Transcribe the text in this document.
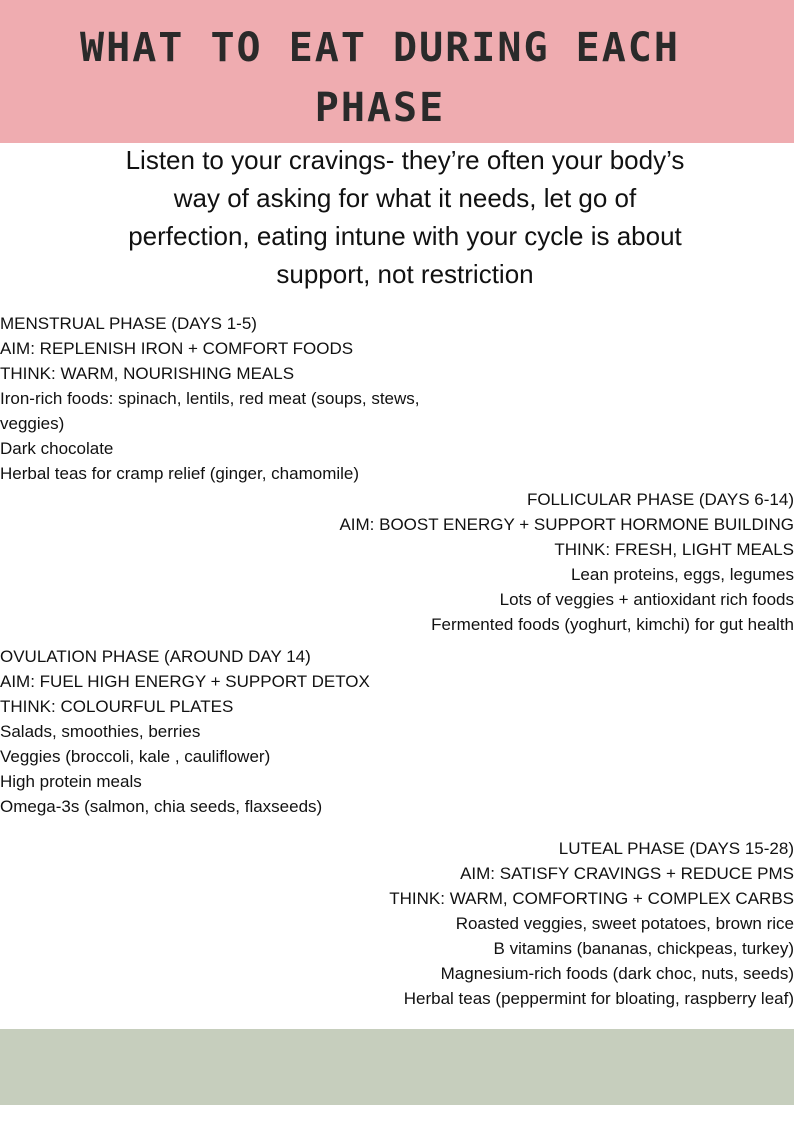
WHAT TO EAT DURING EACH PHASE

Listen to your cravings- they’re often your body’s way of asking for what it needs, let go of perfection, eating intune with your cycle is about support, not restriction

MENSTRUAL PHASE (DAYS 1-5)
AIM: REPLENISH IRON + COMFORT FOODS
THINK: WARM, NOURISHING MEALS
Iron-rich foods: spinach, lentils, red meat (soups, stews, veggies)
Dark chocolate
Herbal teas for cramp relief (ginger, chamomile)
FOLLICULAR PHASE (DAYS 6-14)
AIM: BOOST ENERGY + SUPPORT HORMONE BUILDING
THINK: FRESH, LIGHT MEALS
Lean proteins, eggs, legumes
Lots of veggies + antioxidant rich foods
Fermented foods (yoghurt, kimchi) for gut health
OVULATION PHASE (AROUND DAY 14)
AIM: FUEL HIGH ENERGY + SUPPORT DETOX
THINK: COLOURFUL PLATES
Salads, smoothies, berries
Veggies (broccoli, kale , cauliflower)
High protein meals
Omega-3s (salmon, chia seeds, flaxseeds)
LUTEAL PHASE (DAYS 15-28)
AIM: SATISFY CRAVINGS + REDUCE PMS
THINK: WARM, COMFORTING + COMPLEX CARBS
Roasted veggies, sweet potatoes, brown rice
B vitamins (bananas, chickpeas, turkey)
Magnesium-rich foods (dark choc, nuts, seeds)
Herbal teas (peppermint for bloating, raspberry leaf)
